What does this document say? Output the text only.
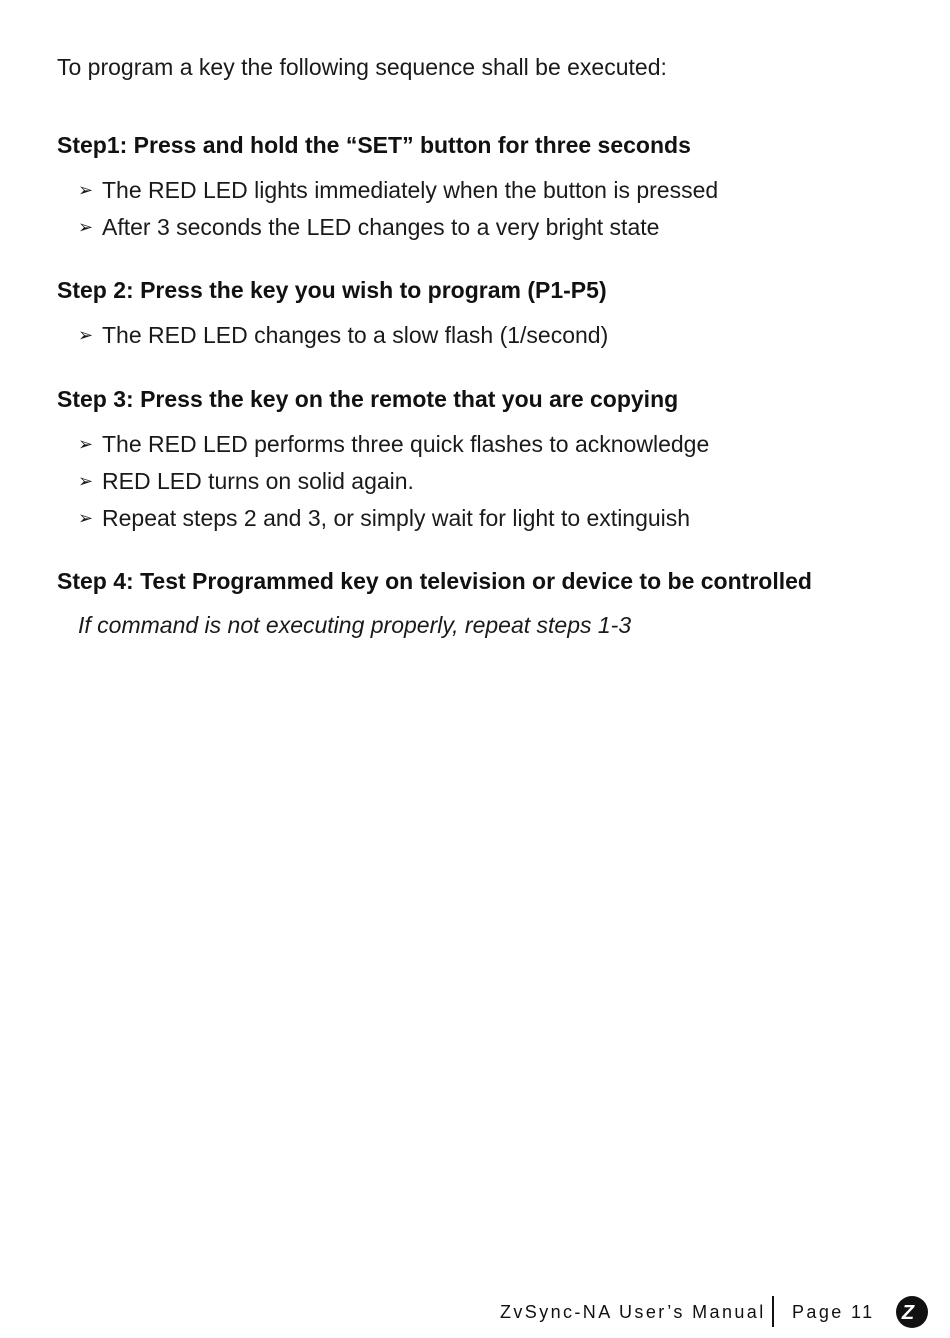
To program a key the following sequence shall be executed:
Step1: Press and hold the “SET” button for three seconds
➢ The RED LED lights immediately when the button is pressed
➢ After 3 seconds the LED changes to a very bright state
Step 2: Press the key you wish to program (P1-P5)
➢ The RED LED changes to a slow flash (1/second)
Step 3: Press the key on the remote that you are copying
➢ The RED LED performs three quick flashes to acknowledge
➢ RED LED turns on solid again.
➢ Repeat steps 2 and 3, or simply wait for light to extinguish
Step 4: Test Programmed key on television or device to be controlled
If command is not executing properly, repeat steps 1-3
ZvSync-NA User’s Manual Page 11 Z v
